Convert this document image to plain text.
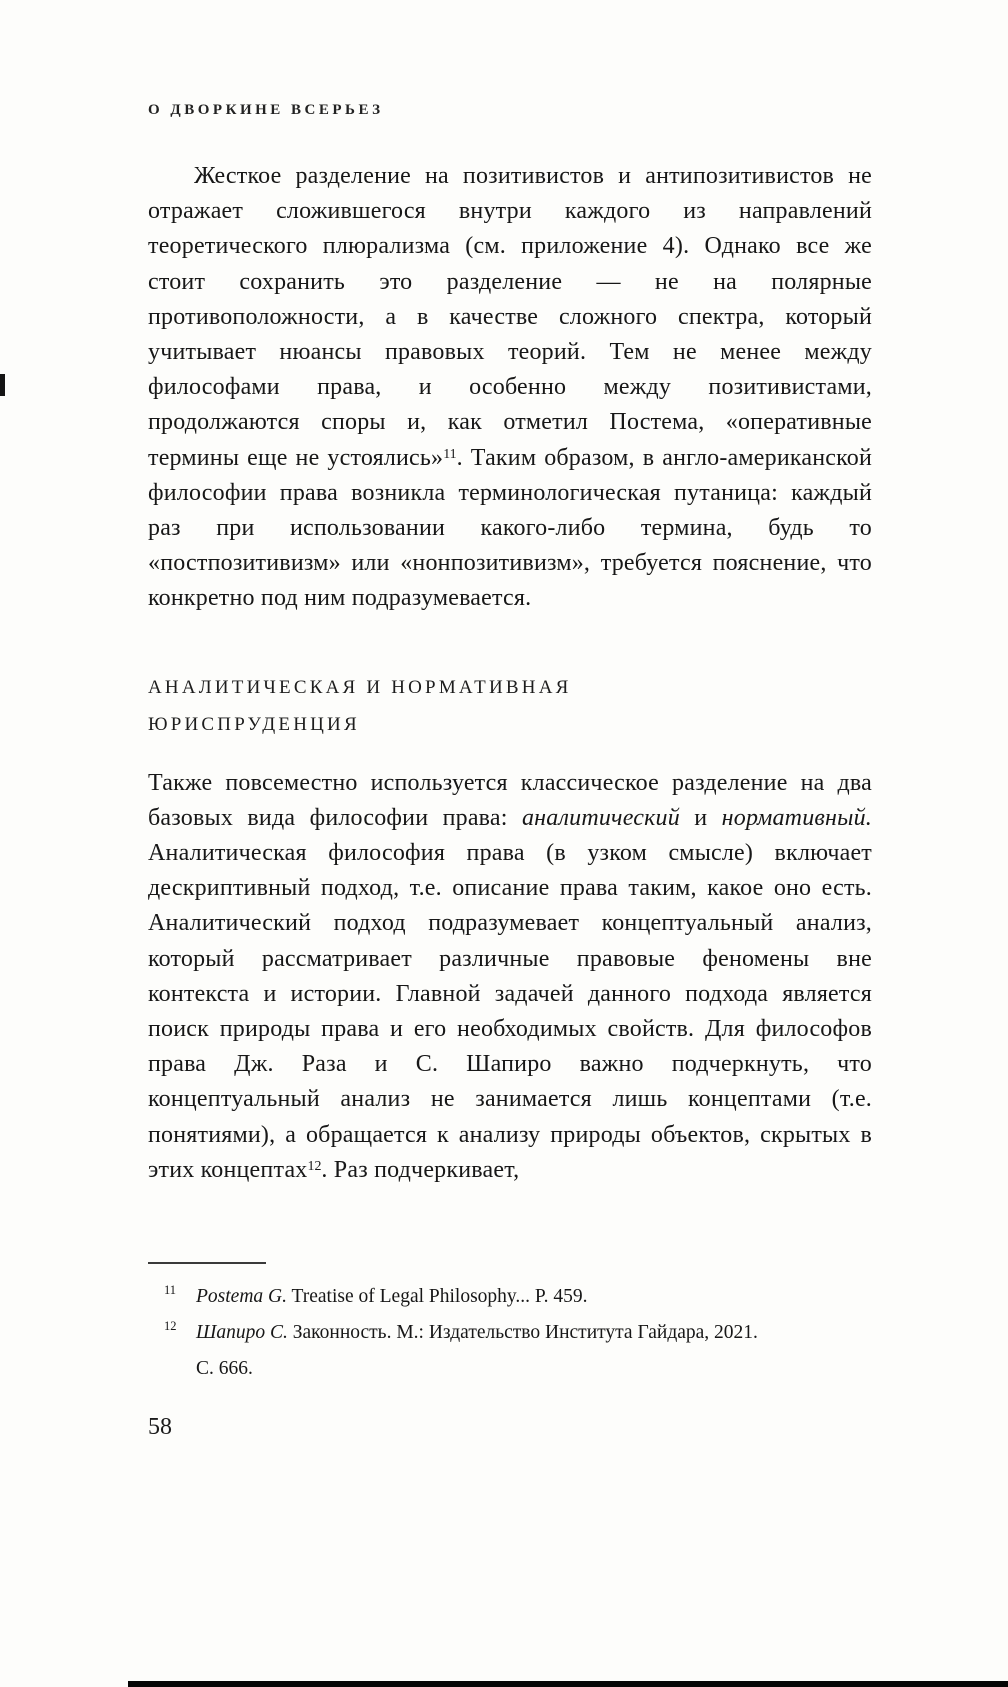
О ДВОРКИНЕ ВСЕРЬЕЗ

Жесткое разделение на позитивистов и антипозитивистов не отражает сложившегося внутри каждого из направлений теоретического плюрализма (см. приложение 4). Однако все же стоит сохранить это разделение — не на полярные противоположности, а в качестве сложного спектра, который учитывает нюансы правовых теорий. Тем не менее между философами права, и особенно между позитивистами, продолжаются споры и, как отметил Постема, «оперативные термины еще не устоялись»$^{11}$. Таким образом, в англо-американской философии права возникла терминологическая путаница: каждый раз при использовании какого-либо термина, будь то «постпозитивизм» или «нонпозитивизм», требуется пояснение, что конкретно под ним подразумевается.

АНАЛИТИЧЕСКАЯ И НОРМАТИВНАЯ
ЮРИСПРУДЕНЦИЯ

Также повсеместно используется классическое разделение на два базовых вида философии права: аналитический и нормативный. Аналитическая философия права (в узком смысле) включает дескриптивный подход, т.е. описание права таким, какое оно есть. Аналитический подход подразумевает концептуальный анализ, который рассматривает различные правовые феномены вне контекста и истории. Главной задачей данного подхода является поиск природы права и его необходимых свойств. Для философов права Дж. Раза и С. Шапиро важно подчеркнуть, что концептуальный анализ не занимается лишь концептами (т.е. понятиями), а обращается к анализу природы объектов, скрытых в этих концептах$^{12}$. Раз подчеркивает,

11	Postema G. Treatise of Legal Philosophy... P. 459.
12	Шапиро С. Законность. М.: Издательство Института Гайдара, 2021.
С. 666.
58
